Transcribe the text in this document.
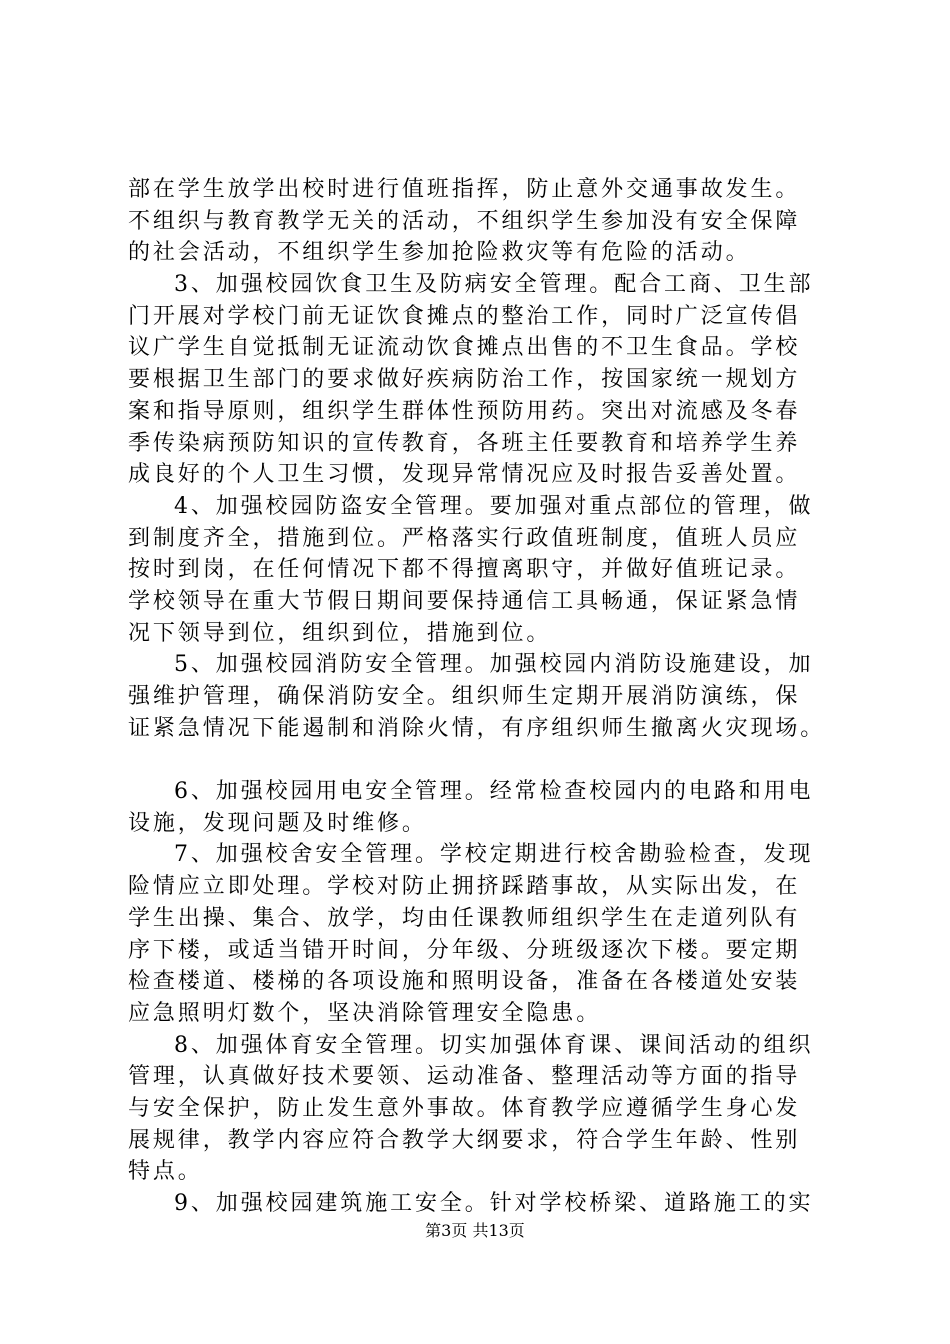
部在学生放学出校时进行值班指挥，防止意外交通事故发生。
不组织与教育教学无关的活动，不组织学生参加没有安全保障
的社会活动，不组织学生参加抢险救灾等有危险的活动。
3、加强校园饮食卫生及防病安全管理。配合工商、卫生部
门开展对学校门前无证饮食摊点的整治工作，同时广泛宣传倡
议广学生自觉抵制无证流动饮食摊点出售的不卫生食品。学校
要根据卫生部门的要求做好疾病防治工作，按国家统一规划方
案和指导原则，组织学生群体性预防用药。突出对流感及冬春
季传染病预防知识的宣传教育，各班主任要教育和培养学生养
成良好的个人卫生习惯，发现异常情况应及时报告妥善处置。
4、加强校园防盗安全管理。要加强对重点部位的管理，做
到制度齐全，措施到位。严格落实行政值班制度，值班人员应
按时到岗，在任何情况下都不得擅离职守，并做好值班记录。
学校领导在重大节假日期间要保持通信工具畅通，保证紧急情
况下领导到位，组织到位，措施到位。
5、加强校园消防安全管理。加强校园内消防设施建设，加
强维护管理，确保消防安全。组织师生定期开展消防演练，保
证紧急情况下能遏制和消除火情，有序组织师生撤离火灾现场。
6、加强校园用电安全管理。经常检查校园内的电路和用电
设施，发现问题及时维修。
7、加强校舍安全管理。学校定期进行校舍勘验检查，发现
险情应立即处理。学校对防止拥挤踩踏事故，从实际出发，在
学生出操、集合、放学，均由任课教师组织学生在走道列队有
序下楼，或适当错开时间，分年级、分班级逐次下楼。要定期
检查楼道、楼梯的各项设施和照明设备，准备在各楼道处安装
应急照明灯数个，坚决消除管理安全隐患。
8、加强体育安全管理。切实加强体育课、课间活动的组织
管理，认真做好技术要领、运动准备、整理活动等方面的指导
与安全保护，防止发生意外事故。体育教学应遵循学生身心发
展规律，教学内容应符合教学大纲要求，符合学生年龄、性别
特点。
9、加强校园建筑施工安全。针对学校桥梁、道路施工的实
第3页 共13页
